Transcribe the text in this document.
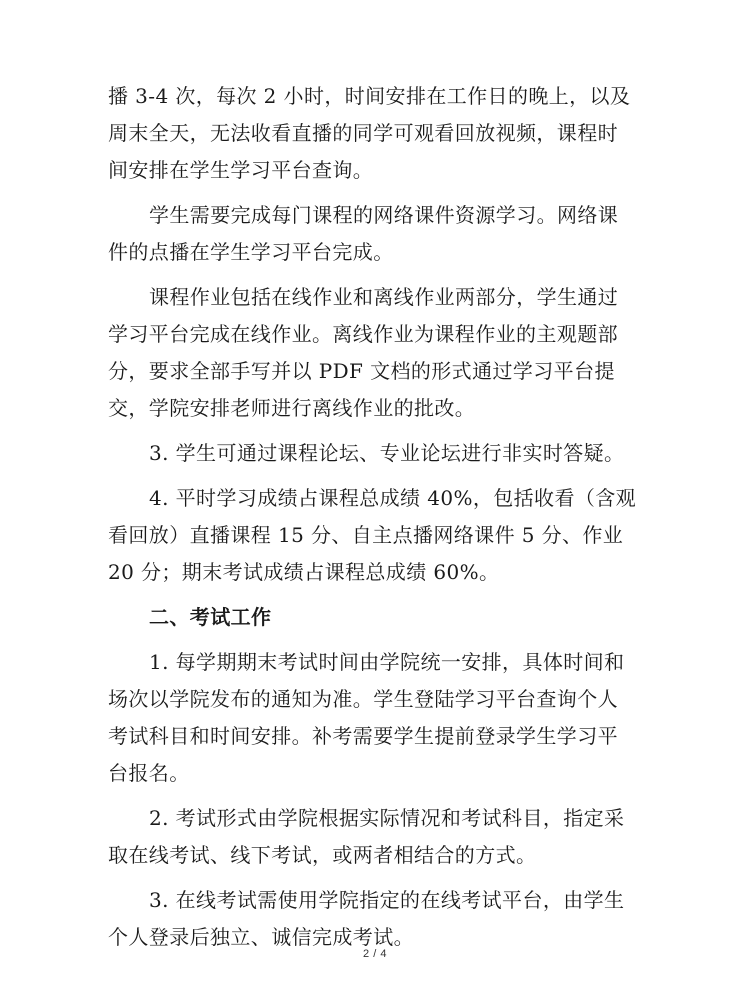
播 3-4 次，每次 2 小时，时间安排在工作日的晚上，以及周末全天，无法收看直播的同学可观看回放视频，课程时间安排在学生学习平台查询。

学生需要完成每门课程的网络课件资源学习。网络课件的点播在学生学习平台完成。

课程作业包括在线作业和离线作业两部分，学生通过学习平台完成在线作业。离线作业为课程作业的主观题部分，要求全部手写并以 PDF 文档的形式通过学习平台提交，学院安排老师进行离线作业的批改。

3. 学生可通过课程论坛、专业论坛进行非实时答疑。

4. 平时学习成绩占课程总成绩 40%，包括收看（含观看回放）直播课程 15 分、自主点播网络课件 5 分、作业 20 分；期末考试成绩占课程总成绩 60%。

二、考试工作

1. 每学期期末考试时间由学院统一安排，具体时间和场次以学院发布的通知为准。学生登陆学习平台查询个人考试科目和时间安排。补考需要学生提前登录学生学习平台报名。

2. 考试形式由学院根据实际情况和考试科目，指定采取在线考试、线下考试，或两者相结合的方式。

3. 在线考试需使用学院指定的在线考试平台，由学生个人登录后独立、诚信完成考试。

2 / 4
